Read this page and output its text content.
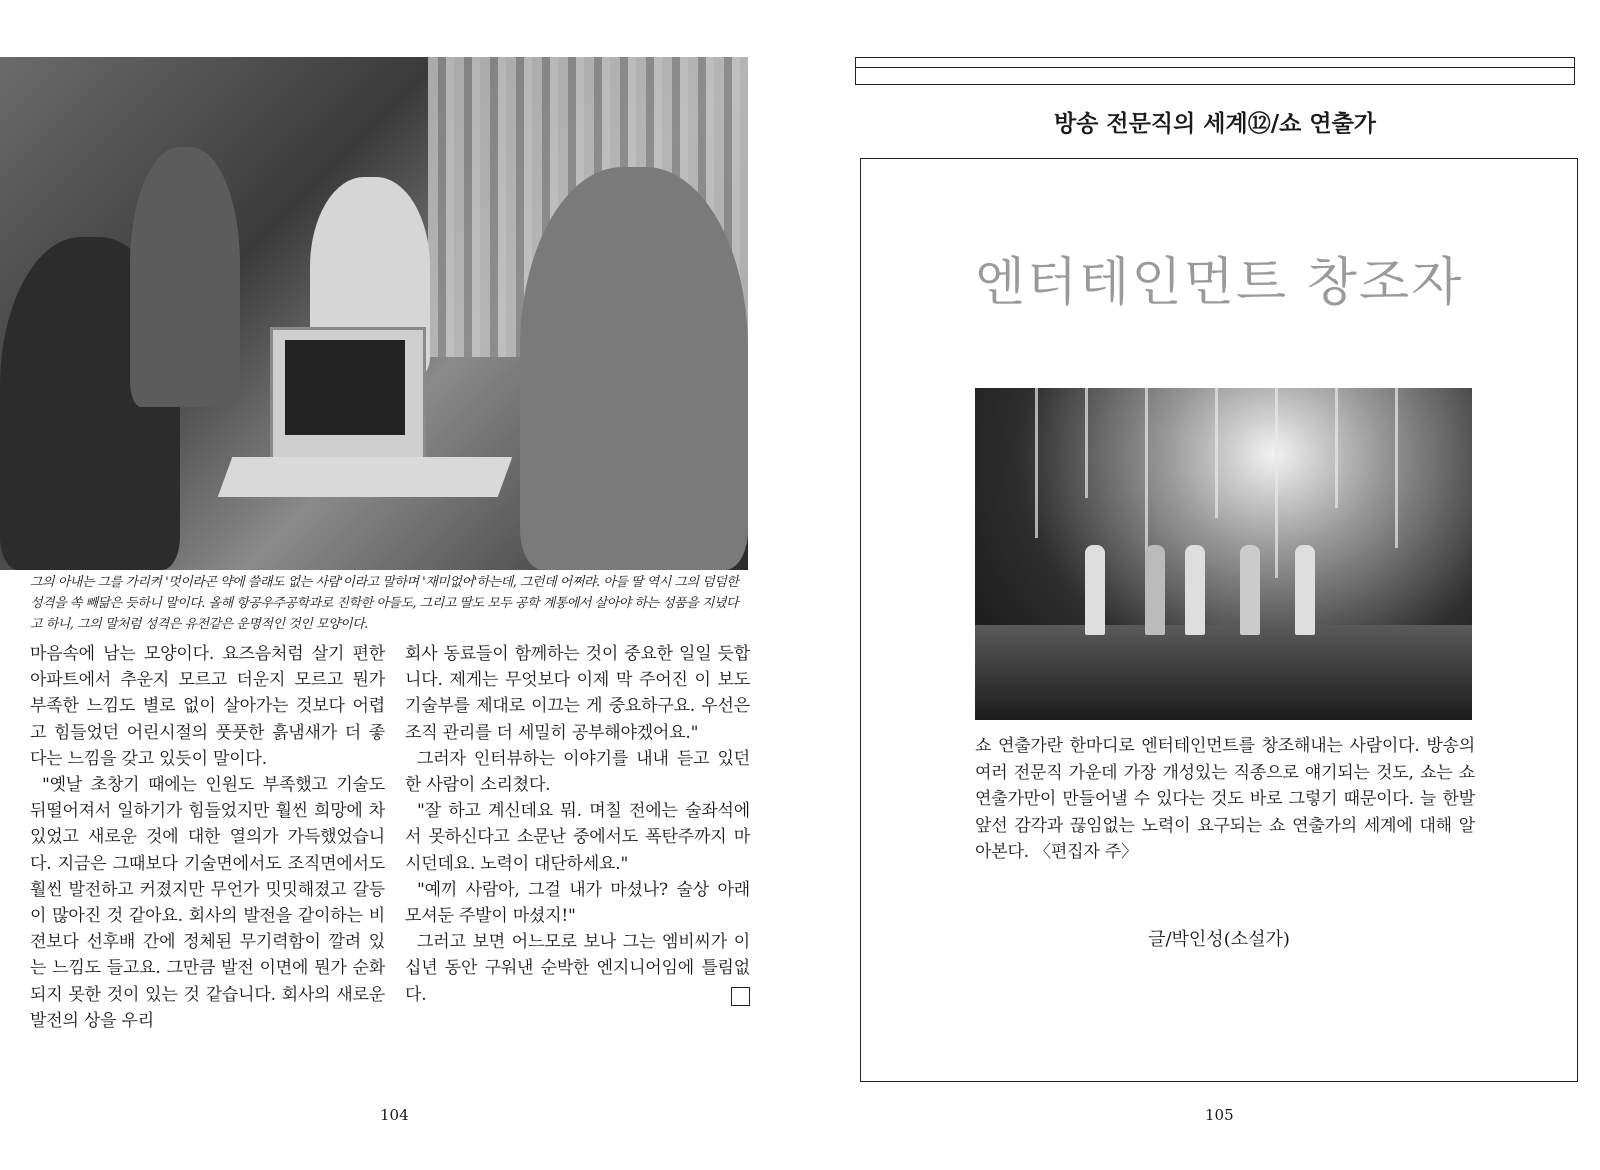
그의 아내는 그를 가리켜 '멋이라곤 약에 쓸래도 없는 사람'이라고 말하며 '재미없어'하는데, 그런데 어쩌랴. 아들 딸 역시 그의 덤덤한 성격을 쏙 빼닮은 듯하니 말이다. 올해 항공우주공학과로 진학한 아들도, 그리고 딸도 모두 공학 계통에서 살아야 하는 성품을 지녔다고 하니, 그의 말처럼 성격은 유전같은 운명적인 것인 모양이다.

마음속에 남는 모양이다. 요즈음처럼 살기 편한 아파트에서 추운지 모르고 더운지 모르고 뭔가 부족한 느낌도 별로 없이 살아가는 것보다 어렵고 힘들었던 어린시절의 풋풋한 흙냄새가 더 좋다는 느낌을 갖고 있듯이 말이다.

"옛날 초창기 때에는 인원도 부족했고 기술도 뒤떨어져서 일하기가 힘들었지만 훨씬 희망에 차 있었고 새로운 것에 대한 열의가 가득했었습니다. 지금은 그때보다 기술면에서도 조직면에서도 훨씬 발전하고 커졌지만 무언가 밋밋해졌고 갈등이 많아진 것 같아요. 회사의 발전을 같이하는 비젼보다 선후배 간에 정체된 무기력함이 깔려 있는 느낌도 들고요. 그만큼 발전 이면에 뭔가 순화되지 못한 것이 있는 것 같습니다. 회사의 새로운 발전의 상을 우리

회사 동료들이 함께하는 것이 중요한 일일 듯합니다. 제게는 무엇보다 이제 막 주어진 이 보도 기술부를 제대로 이끄는 게 중요하구요. 우선은 조직 관리를 더 세밀히 공부해야겠어요."

그러자 인터뷰하는 이야기를 내내 듣고 있던 한 사람이 소리쳤다.

"잘 하고 계신데요 뭐. 며칠 전에는 술좌석에서 못하신다고 소문난 중에서도 폭탄주까지 마시던데요. 노력이 대단하세요."

"예끼 사람아, 그걸 내가 마셨나? 술상 아래 모셔둔 주발이 마셨지!"

그러고 보면 어느모로 보나 그는 엠비씨가 이십년 동안 구워낸 순박한 엔지니어임에 틀림없다.

104

방송 전문직의 세계⑫/쇼 연출가

엔터테인먼트 창조자

쇼 연출가란 한마디로 엔터테인먼트를 창조해내는 사람이다. 방송의 여러 전문직 가운데 가장 개성있는 직종으로 얘기되는 것도, 쇼는 쇼 연출가만이 만들어낼 수 있다는 것도 바로 그렇기 때문이다. 늘 한발 앞선 감각과 끊임없는 노력이 요구되는 쇼 연출가의 세계에 대해 알아본다. 〈편집자 주〉

글/박인성(소설가)

105
